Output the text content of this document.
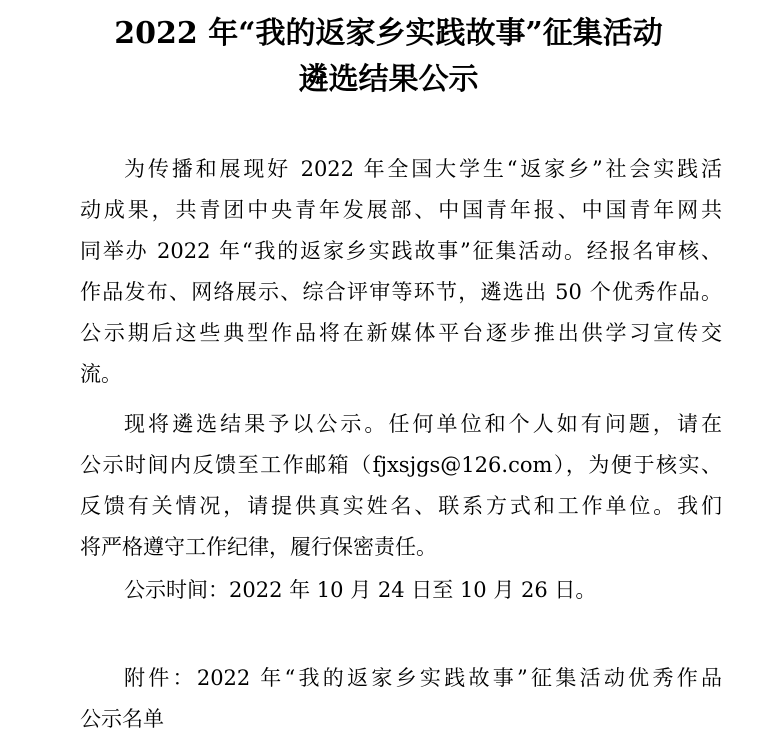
2022 年“我的返家乡实践故事”征集活动
遴选结果公示
为传播和展现好 2022 年全国大学生“返家乡”社会实践活
动成果，共青团中央青年发展部、中国青年报、中国青年网共
同举办 2022 年“我的返家乡实践故事”征集活动。经报名审核、
作品发布、网络展示、综合评审等环节，遴选出 50 个优秀作品。
公示期后这些典型作品将在新媒体平台逐步推出供学习宣传交
流。
现将遴选结果予以公示。任何单位和个人如有问题，请在
公示时间内反馈至工作邮箱（fjxsjgs@126.com），为便于核实、
反馈有关情况，请提供真实姓名、联系方式和工作单位。我们
将严格遵守工作纪律，履行保密责任。
公示时间：2022 年 10 月 24 日至 10 月 26 日。
附件：2022 年“我的返家乡实践故事”征集活动优秀作品
公示名单
